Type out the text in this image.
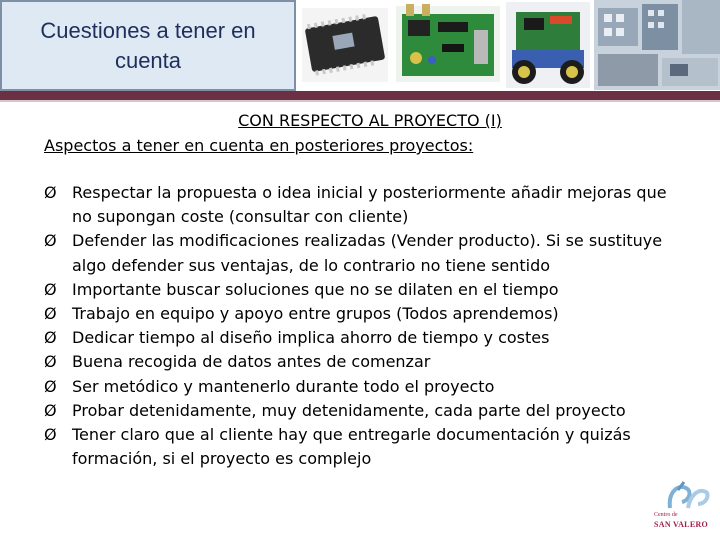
Cuestiones a tener en
cuenta
CON RESPECTO AL PROYECTO (I)
Aspectos a tener en cuenta en posteriores proyectos:
Ø Respectar la propuesta o idea inicial y posteriormente añadir mejoras que no supongan coste (consultar con cliente)
Ø Defender las modificaciones realizadas (Vender producto). Si se sustituye algo defender sus ventajas, de lo contrario no tiene sentido
Ø Importante buscar soluciones que no se dilaten en el tiempo
Ø Trabajo en equipo y apoyo entre grupos (Todos aprendemos)
Ø Dedicar tiempo al diseño implica ahorro de tiempo y costes
Ø Buena recogida de datos antes de comenzar
Ø Ser metódico y mantenerlo durante todo el proyecto
Ø Probar detenidamente, muy detenidamente, cada parte del proyecto
Ø Tener claro que al cliente hay que entregarle documentación y quizás formación, si el proyecto es complejo
Centro de
SAN VALERO
